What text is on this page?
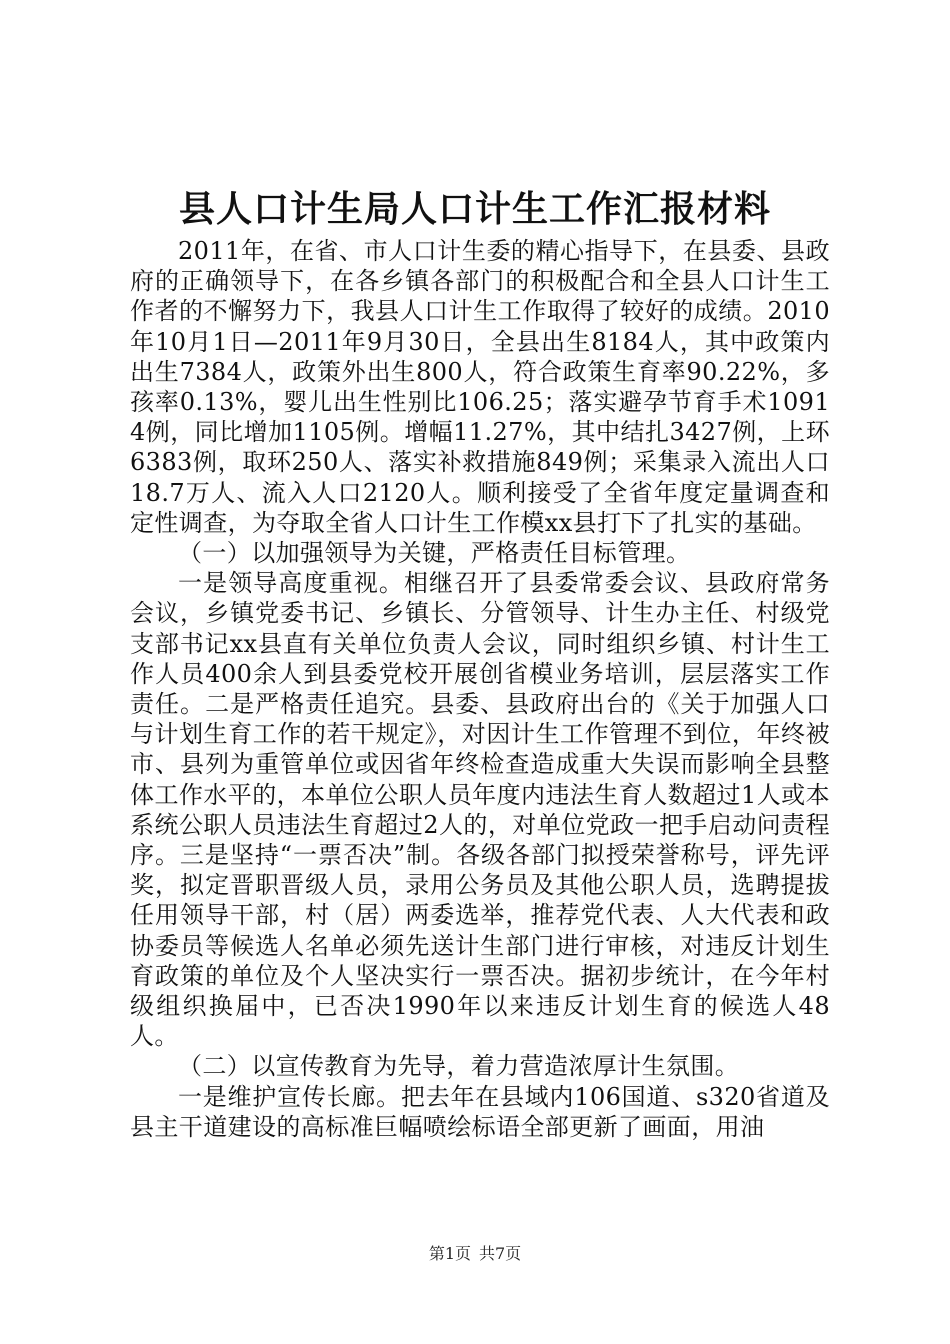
县人口计生局人口计生工作汇报材料

2011年，在省、市人口计生委的精心指导下，在县委、县政府的正确领导下，在各乡镇各部门的积极配合和全县人口计生工作者的不懈努力下，我县人口计生工作取得了较好的成绩。2010年10月1日—2011年9月30日，全县出生8184人，其中政策内出生7384人，政策外出生800人，符合政策生育率90.22%，多孩率0.13%，婴儿出生性别比106.25；落实避孕节育手术10914例，同比增加1105例。增幅11.27%，其中结扎3427例，上环6383例，取环250人、落实补救措施849例；采集录入流出人口18.7万人、流入人口2120人。顺利接受了全省年度定量调查和定性调查，为夺取全省人口计生工作模xx县打下了扎实的基础。

（一）以加强领导为关键，严格责任目标管理。

一是领导高度重视。相继召开了县委常委会议、县政府常务会议，乡镇党委书记、乡镇长、分管领导、计生办主任、村级党支部书记xx县直有关单位负责人会议，同时组织乡镇、村计生工作人员400余人到县委党校开展创省模业务培训，层层落实工作责任。二是严格责任追究。县委、县政府出台的《关于加强人口与计划生育工作的若干规定》，对因计生工作管理不到位，年终被市、县列为重管单位或因省年终检查造成重大失误而影响全县整体工作水平的，本单位公职人员年度内违法生育人数超过1人或本系统公职人员违法生育超过2人的，对单位党政一把手启动问责程序。三是坚持“一票否决”制。各级各部门拟授荣誉称号，评先评奖，拟定晋职晋级人员，录用公务员及其他公职人员，选聘提拔任用领导干部，村（居）两委选举，推荐党代表、人大代表和政协委员等候选人名单必须先送计生部门进行审核，对违反计划生育政策的单位及个人坚决实行一票否决。据初步统计，在今年村级组织换届中，已否决1990年以来违反计划生育的候选人48人。

（二）以宣传教育为先导，着力营造浓厚计生氛围。

一是维护宣传长廊。把去年在县域内106国道、s320省道及县主干道建设的高标准巨幅喷绘标语全部更新了画面，用油

第1页 共7页
